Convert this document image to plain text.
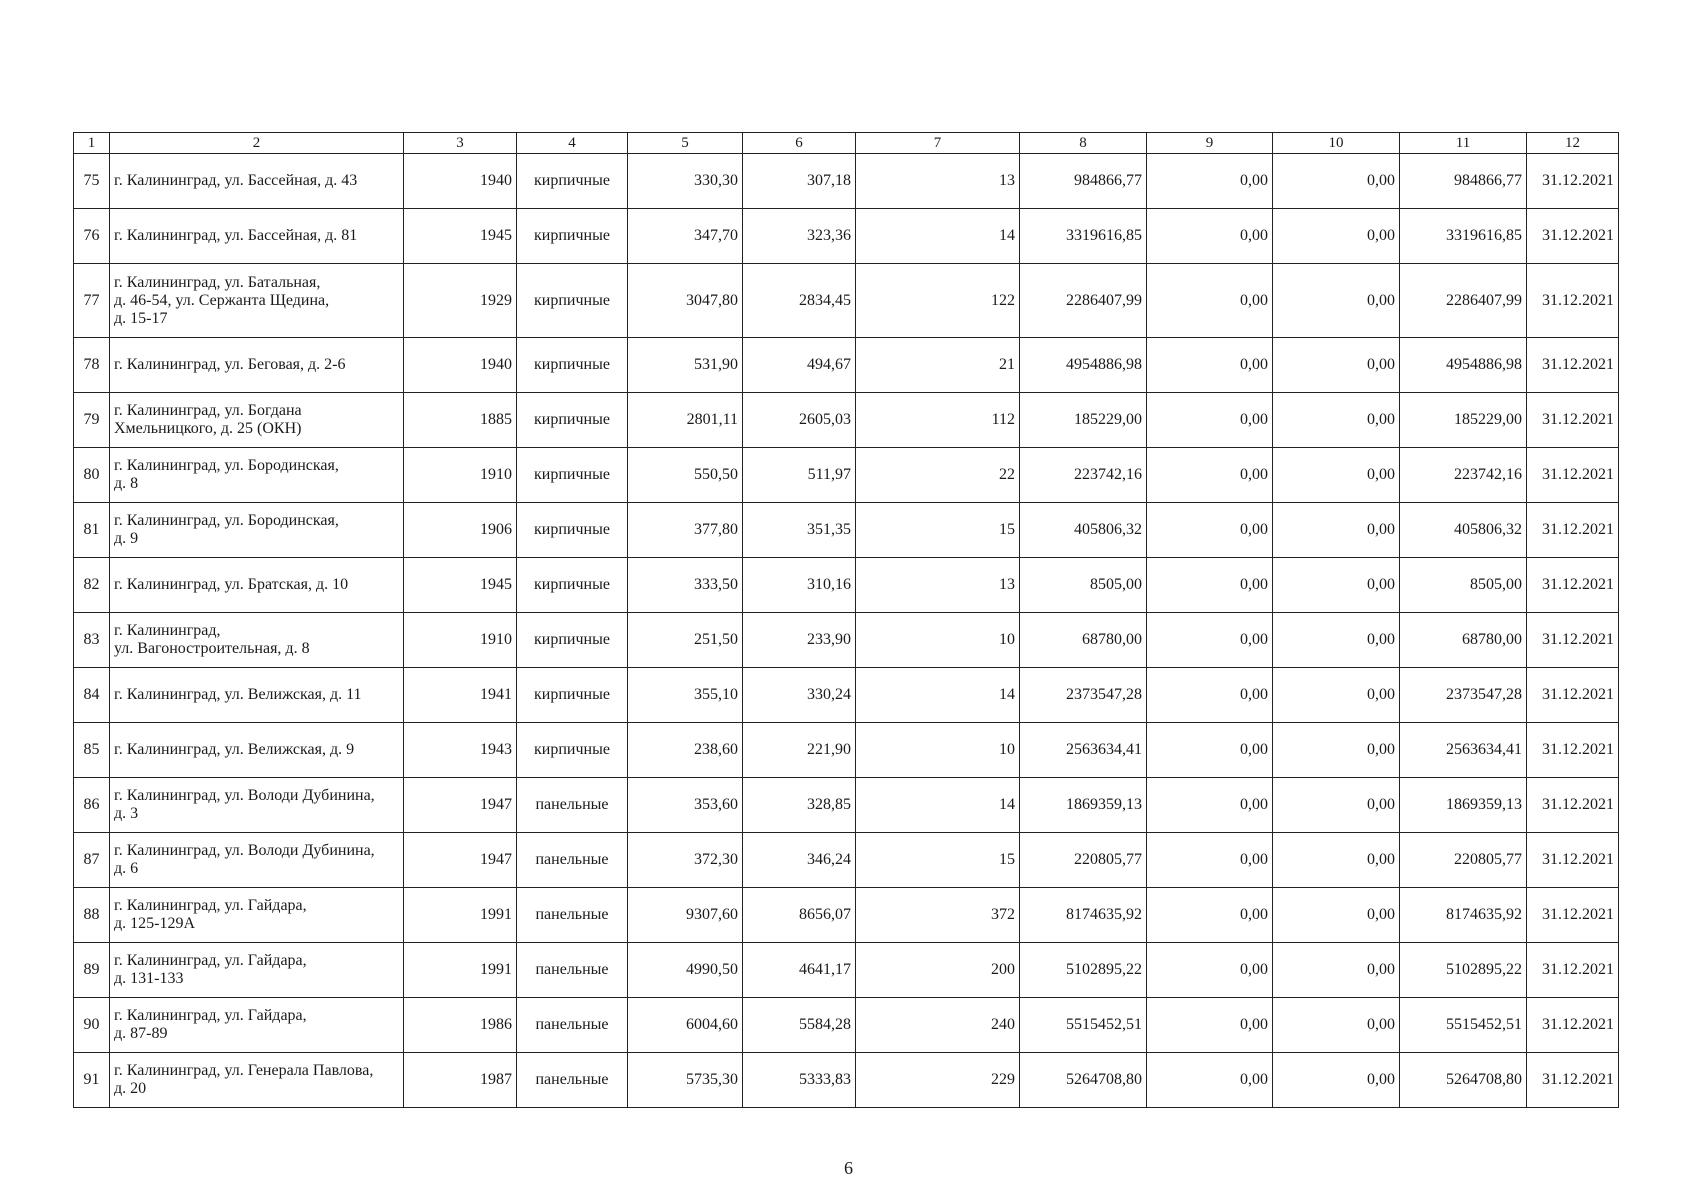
1	2	3	4	5	6	7	8	9	10	11	12
75	г. Калининград, ул. Бассейная, д. 43	1940	кирпичные	330,30	307,18	13	984866,77	0,00	0,00	984866,77	31.12.2021
76	г. Калининград, ул. Бассейная, д. 81	1945	кирпичные	347,70	323,36	14	3319616,85	0,00	0,00	3319616,85	31.12.2021
77	г. Калининград, ул. Батальная,
д. 46-54, ул. Сержанта Щедина,
д. 15-17	1929	кирпичные	3047,80	2834,45	122	2286407,99	0,00	0,00	2286407,99	31.12.2021
78	г. Калининград, ул. Беговая, д. 2-6	1940	кирпичные	531,90	494,67	21	4954886,98	0,00	0,00	4954886,98	31.12.2021
79	г. Калининград, ул. Богдана
Хмельницкого, д. 25 (ОКН)	1885	кирпичные	2801,11	2605,03	112	185229,00	0,00	0,00	185229,00	31.12.2021
80	г. Калининград, ул. Бородинская,
д. 8	1910	кирпичные	550,50	511,97	22	223742,16	0,00	0,00	223742,16	31.12.2021
81	г. Калининград, ул. Бородинская,
д. 9	1906	кирпичные	377,80	351,35	15	405806,32	0,00	0,00	405806,32	31.12.2021
82	г. Калининград, ул. Братская, д. 10	1945	кирпичные	333,50	310,16	13	8505,00	0,00	0,00	8505,00	31.12.2021
83	г. Калининград,
ул. Вагоностроительная, д. 8	1910	кирпичные	251,50	233,90	10	68780,00	0,00	0,00	68780,00	31.12.2021
84	г. Калининград, ул. Велижская, д. 11	1941	кирпичные	355,10	330,24	14	2373547,28	0,00	0,00	2373547,28	31.12.2021
85	г. Калининград, ул. Велижская, д. 9	1943	кирпичные	238,60	221,90	10	2563634,41	0,00	0,00	2563634,41	31.12.2021
86	г. Калининград, ул. Володи Дубинина,
д. 3	1947	панельные	353,60	328,85	14	1869359,13	0,00	0,00	1869359,13	31.12.2021
87	г. Калининград, ул. Володи Дубинина,
д. 6	1947	панельные	372,30	346,24	15	220805,77	0,00	0,00	220805,77	31.12.2021
88	г. Калининград, ул. Гайдара,
д. 125-129А	1991	панельные	9307,60	8656,07	372	8174635,92	0,00	0,00	8174635,92	31.12.2021
89	г. Калининград, ул. Гайдара,
д. 131-133	1991	панельные	4990,50	4641,17	200	5102895,22	0,00	0,00	5102895,22	31.12.2021
90	г. Калининград, ул. Гайдара,
д. 87-89	1986	панельные	6004,60	5584,28	240	5515452,51	0,00	0,00	5515452,51	31.12.2021
91	г. Калининград, ул. Генерала Павлова,
д. 20	1987	панельные	5735,30	5333,83	229	5264708,80	0,00	0,00	5264708,80	31.12.2021
6
